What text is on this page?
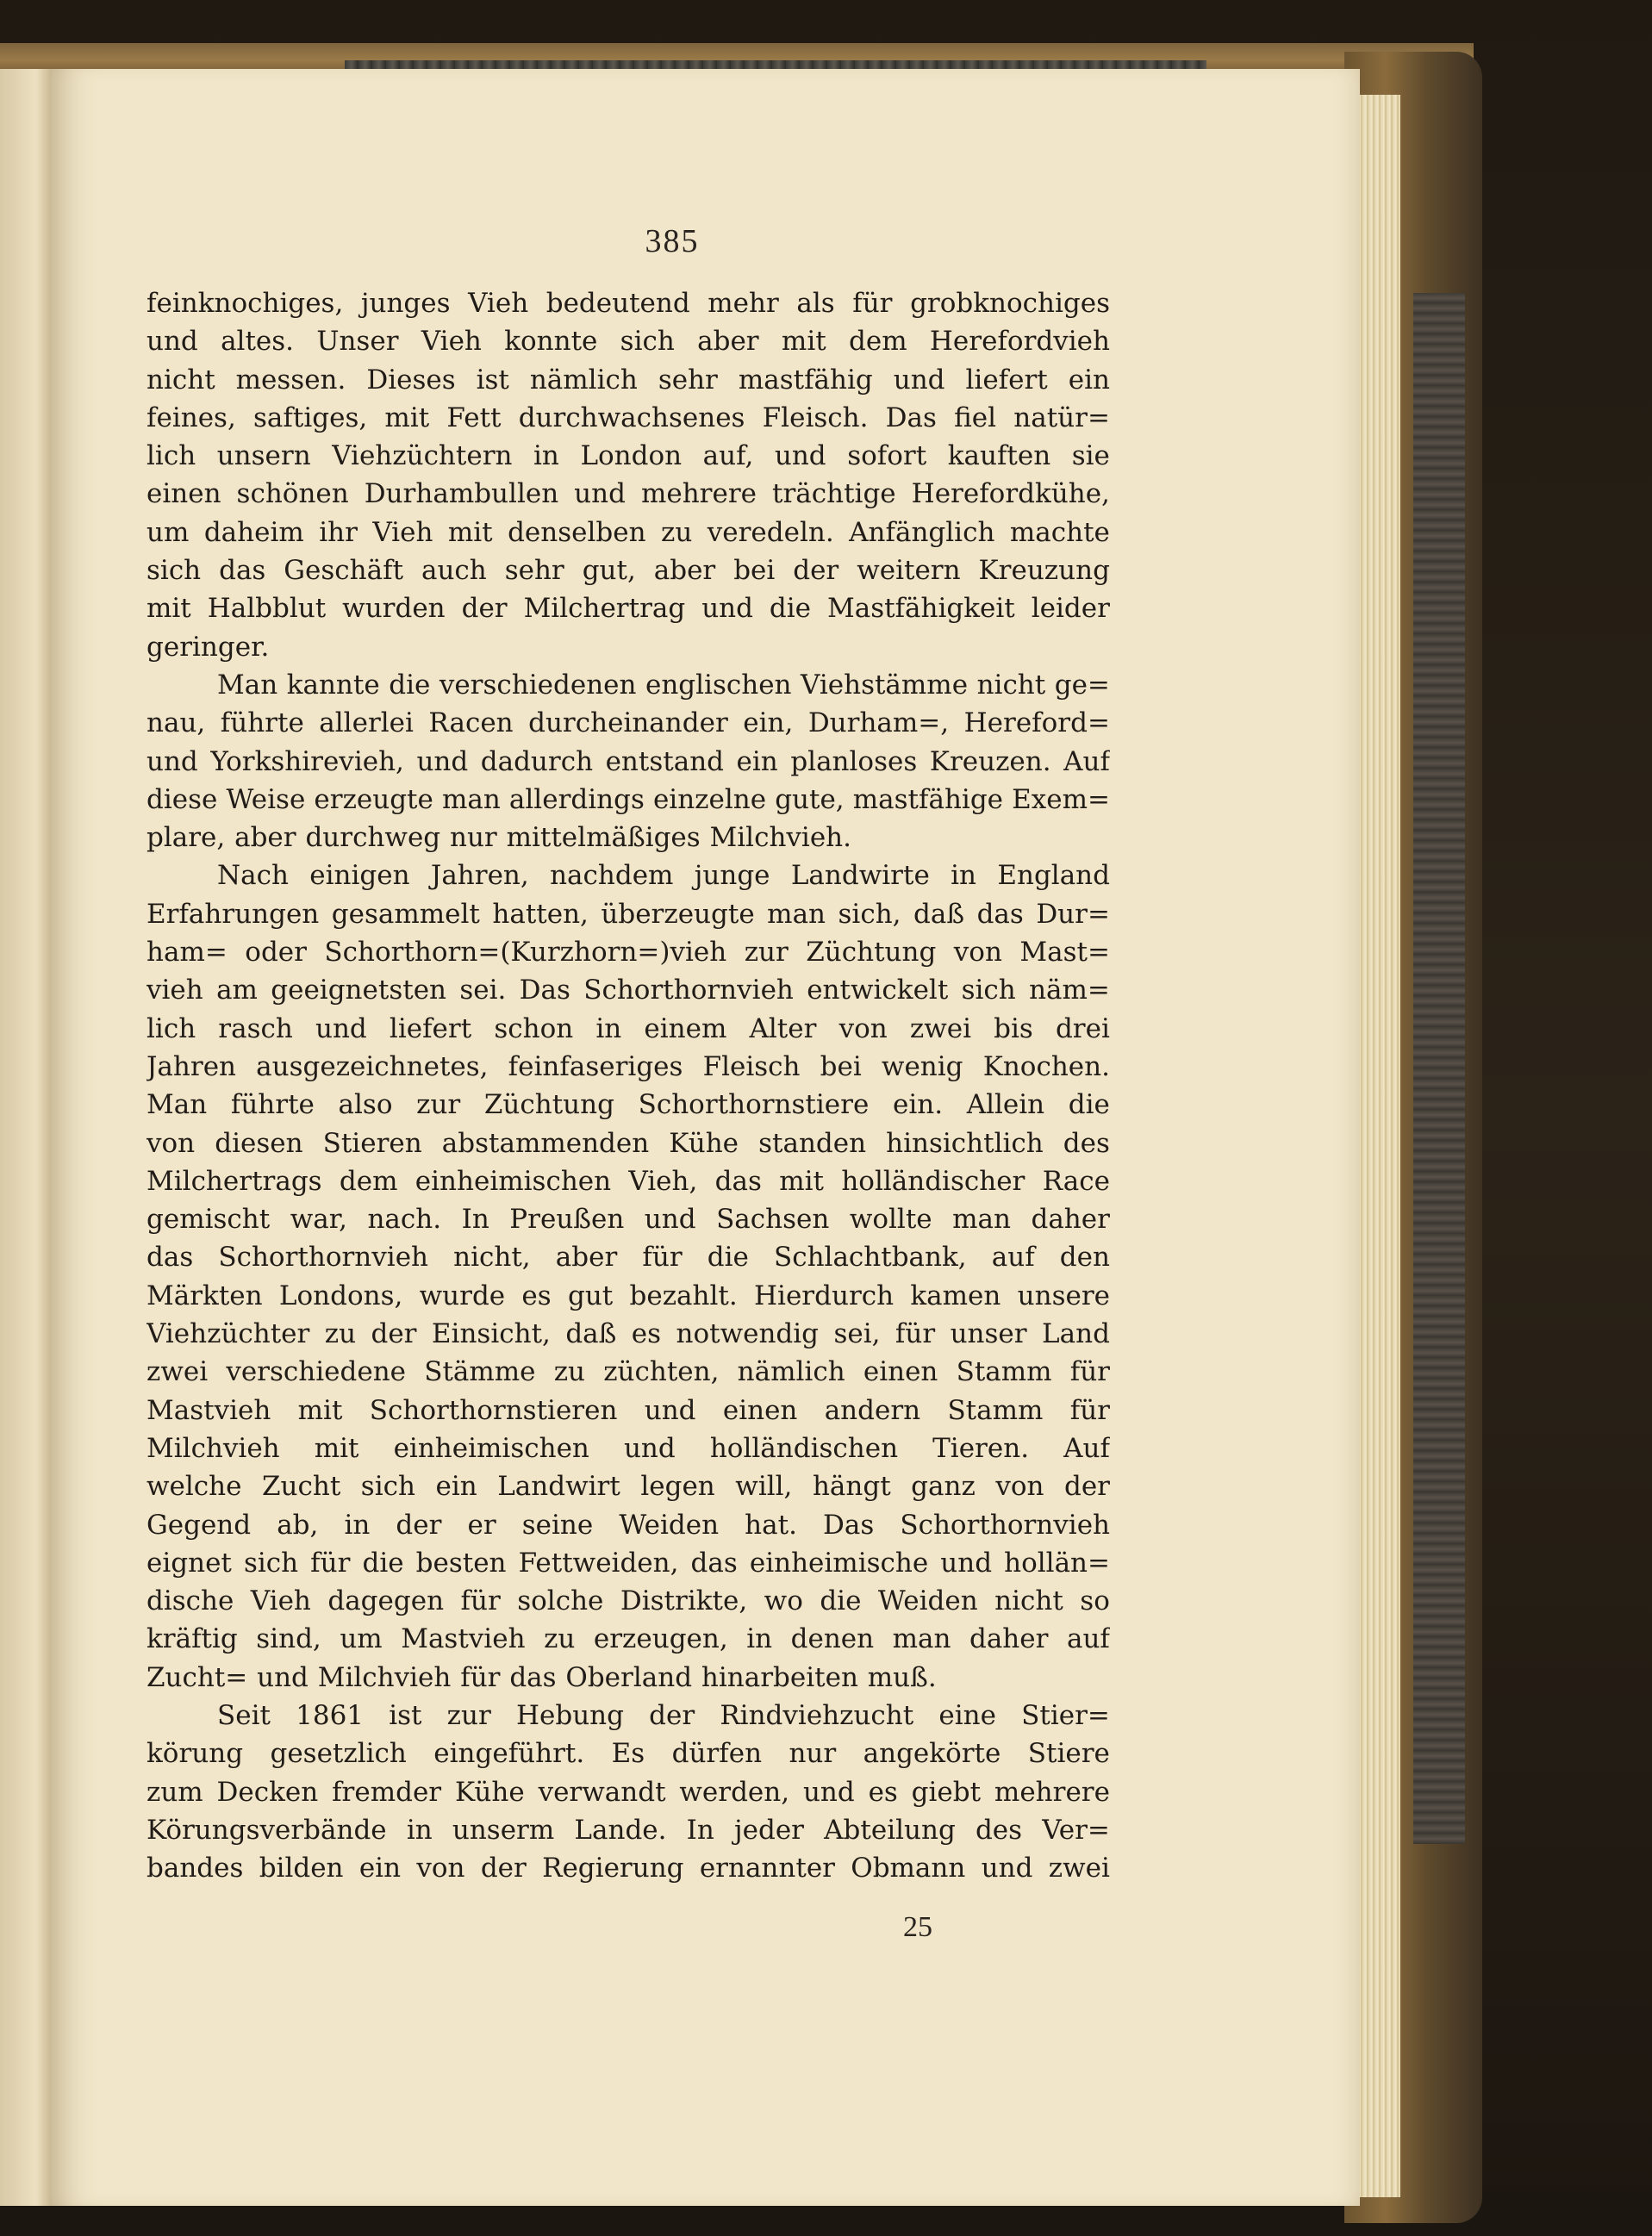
385
feinknochiges, junges Vieh bedeutend mehr als für grobknochiges
und altes. Unser Vieh konnte sich aber mit dem Herefordvieh
nicht messen. Dieses ist nämlich sehr mastfähig und liefert ein
feines, saftiges, mit Fett durchwachsenes Fleisch. Das fiel natür=
lich unsern Viehzüchtern in London auf, und sofort kauften sie
einen schönen Durhambullen und mehrere trächtige Herefordkühe,
um daheim ihr Vieh mit denselben zu veredeln. Anfänglich machte
sich das Geschäft auch sehr gut, aber bei der weitern Kreuzung
mit Halbblut wurden der Milchertrag und die Mastfähigkeit leider
geringer.
Man kannte die verschiedenen englischen Viehstämme nicht ge=
nau, führte allerlei Racen durcheinander ein, Durham=, Hereford=
und Yorkshirevieh, und dadurch entstand ein planloses Kreuzen. Auf
diese Weise erzeugte man allerdings einzelne gute, mastfähige Exem=
plare, aber durchweg nur mittelmäßiges Milchvieh.
Nach einigen Jahren, nachdem junge Landwirte in England
Erfahrungen gesammelt hatten, überzeugte man sich, daß das Dur=
ham= oder Schorthorn=(Kurzhorn=)vieh zur Züchtung von Mast=
vieh am geeignetsten sei. Das Schorthornvieh entwickelt sich näm=
lich rasch und liefert schon in einem Alter von zwei bis drei
Jahren ausgezeichnetes, feinfaseriges Fleisch bei wenig Knochen.
Man führte also zur Züchtung Schorthornstiere ein. Allein die
von diesen Stieren abstammenden Kühe standen hinsichtlich des
Milchertrags dem einheimischen Vieh, das mit holländischer Race
gemischt war, nach. In Preußen und Sachsen wollte man daher
das Schorthornvieh nicht, aber für die Schlachtbank, auf den
Märkten Londons, wurde es gut bezahlt. Hierdurch kamen unsere
Viehzüchter zu der Einsicht, daß es notwendig sei, für unser Land
zwei verschiedene Stämme zu züchten, nämlich einen Stamm für
Mastvieh mit Schorthornstieren und einen andern Stamm für
Milchvieh mit einheimischen und holländischen Tieren. Auf
welche Zucht sich ein Landwirt legen will, hängt ganz von der
Gegend ab, in der er seine Weiden hat. Das Schorthornvieh
eignet sich für die besten Fettweiden, das einheimische und hollän=
dische Vieh dagegen für solche Distrikte, wo die Weiden nicht so
kräftig sind, um Mastvieh zu erzeugen, in denen man daher auf
Zucht= und Milchvieh für das Oberland hinarbeiten muß.
Seit 1861 ist zur Hebung der Rindviehzucht eine Stier=
körung gesetzlich eingeführt. Es dürfen nur angekörte Stiere
zum Decken fremder Kühe verwandt werden, und es giebt mehrere
Körungsverbände in unserm Lande. In jeder Abteilung des Ver=
bandes bilden ein von der Regierung ernannter Obmann und zwei
25
